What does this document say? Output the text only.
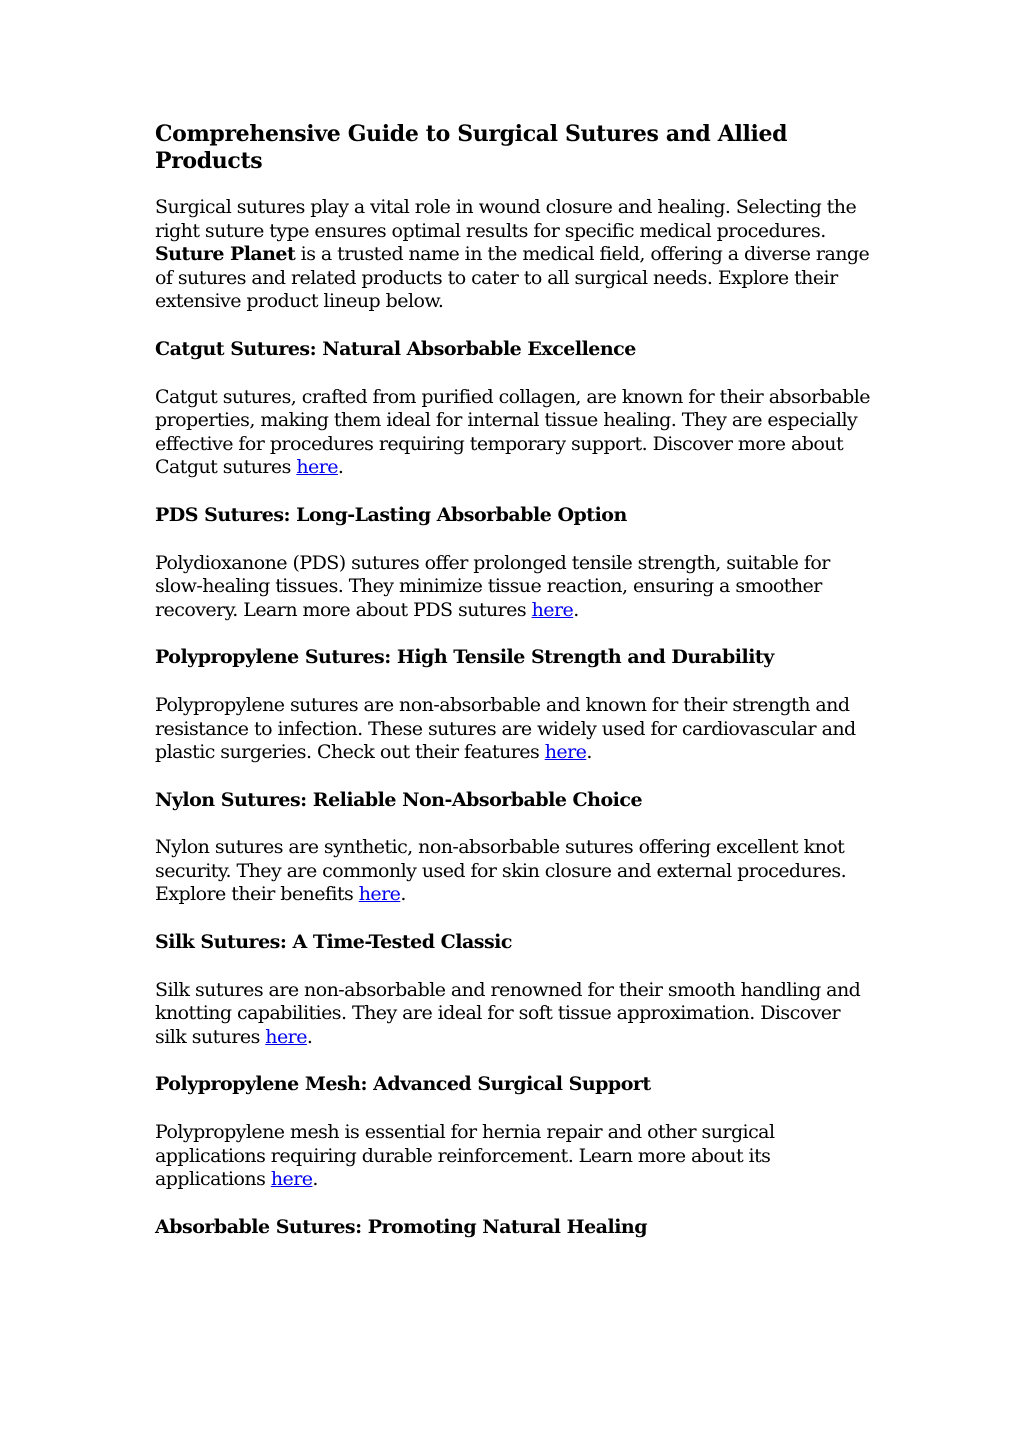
Comprehensive Guide to Surgical Sutures and Allied Products

Surgical sutures play a vital role in wound closure and healing. Selecting the right suture type ensures optimal results for specific medical procedures. Suture Planet is a trusted name in the medical field, offering a diverse range of sutures and related products to cater to all surgical needs. Explore their extensive product lineup below.

Catgut Sutures: Natural Absorbable Excellence

Catgut sutures, crafted from purified collagen, are known for their absorbable properties, making them ideal for internal tissue healing. They are especially effective for procedures requiring temporary support. Discover more about Catgut sutures here.

PDS Sutures: Long-Lasting Absorbable Option

Polydioxanone (PDS) sutures offer prolonged tensile strength, suitable for slow-healing tissues. They minimize tissue reaction, ensuring a smoother recovery. Learn more about PDS sutures here.

Polypropylene Sutures: High Tensile Strength and Durability

Polypropylene sutures are non-absorbable and known for their strength and resistance to infection. These sutures are widely used for cardiovascular and plastic surgeries. Check out their features here.

Nylon Sutures: Reliable Non-Absorbable Choice

Nylon sutures are synthetic, non-absorbable sutures offering excellent knot security. They are commonly used for skin closure and external procedures. Explore their benefits here.

Silk Sutures: A Time-Tested Classic

Silk sutures are non-absorbable and renowned for their smooth handling and knotting capabilities. They are ideal for soft tissue approximation. Discover silk sutures here.

Polypropylene Mesh: Advanced Surgical Support

Polypropylene mesh is essential for hernia repair and other surgical applications requiring durable reinforcement. Learn more about its applications here.

Absorbable Sutures: Promoting Natural Healing
